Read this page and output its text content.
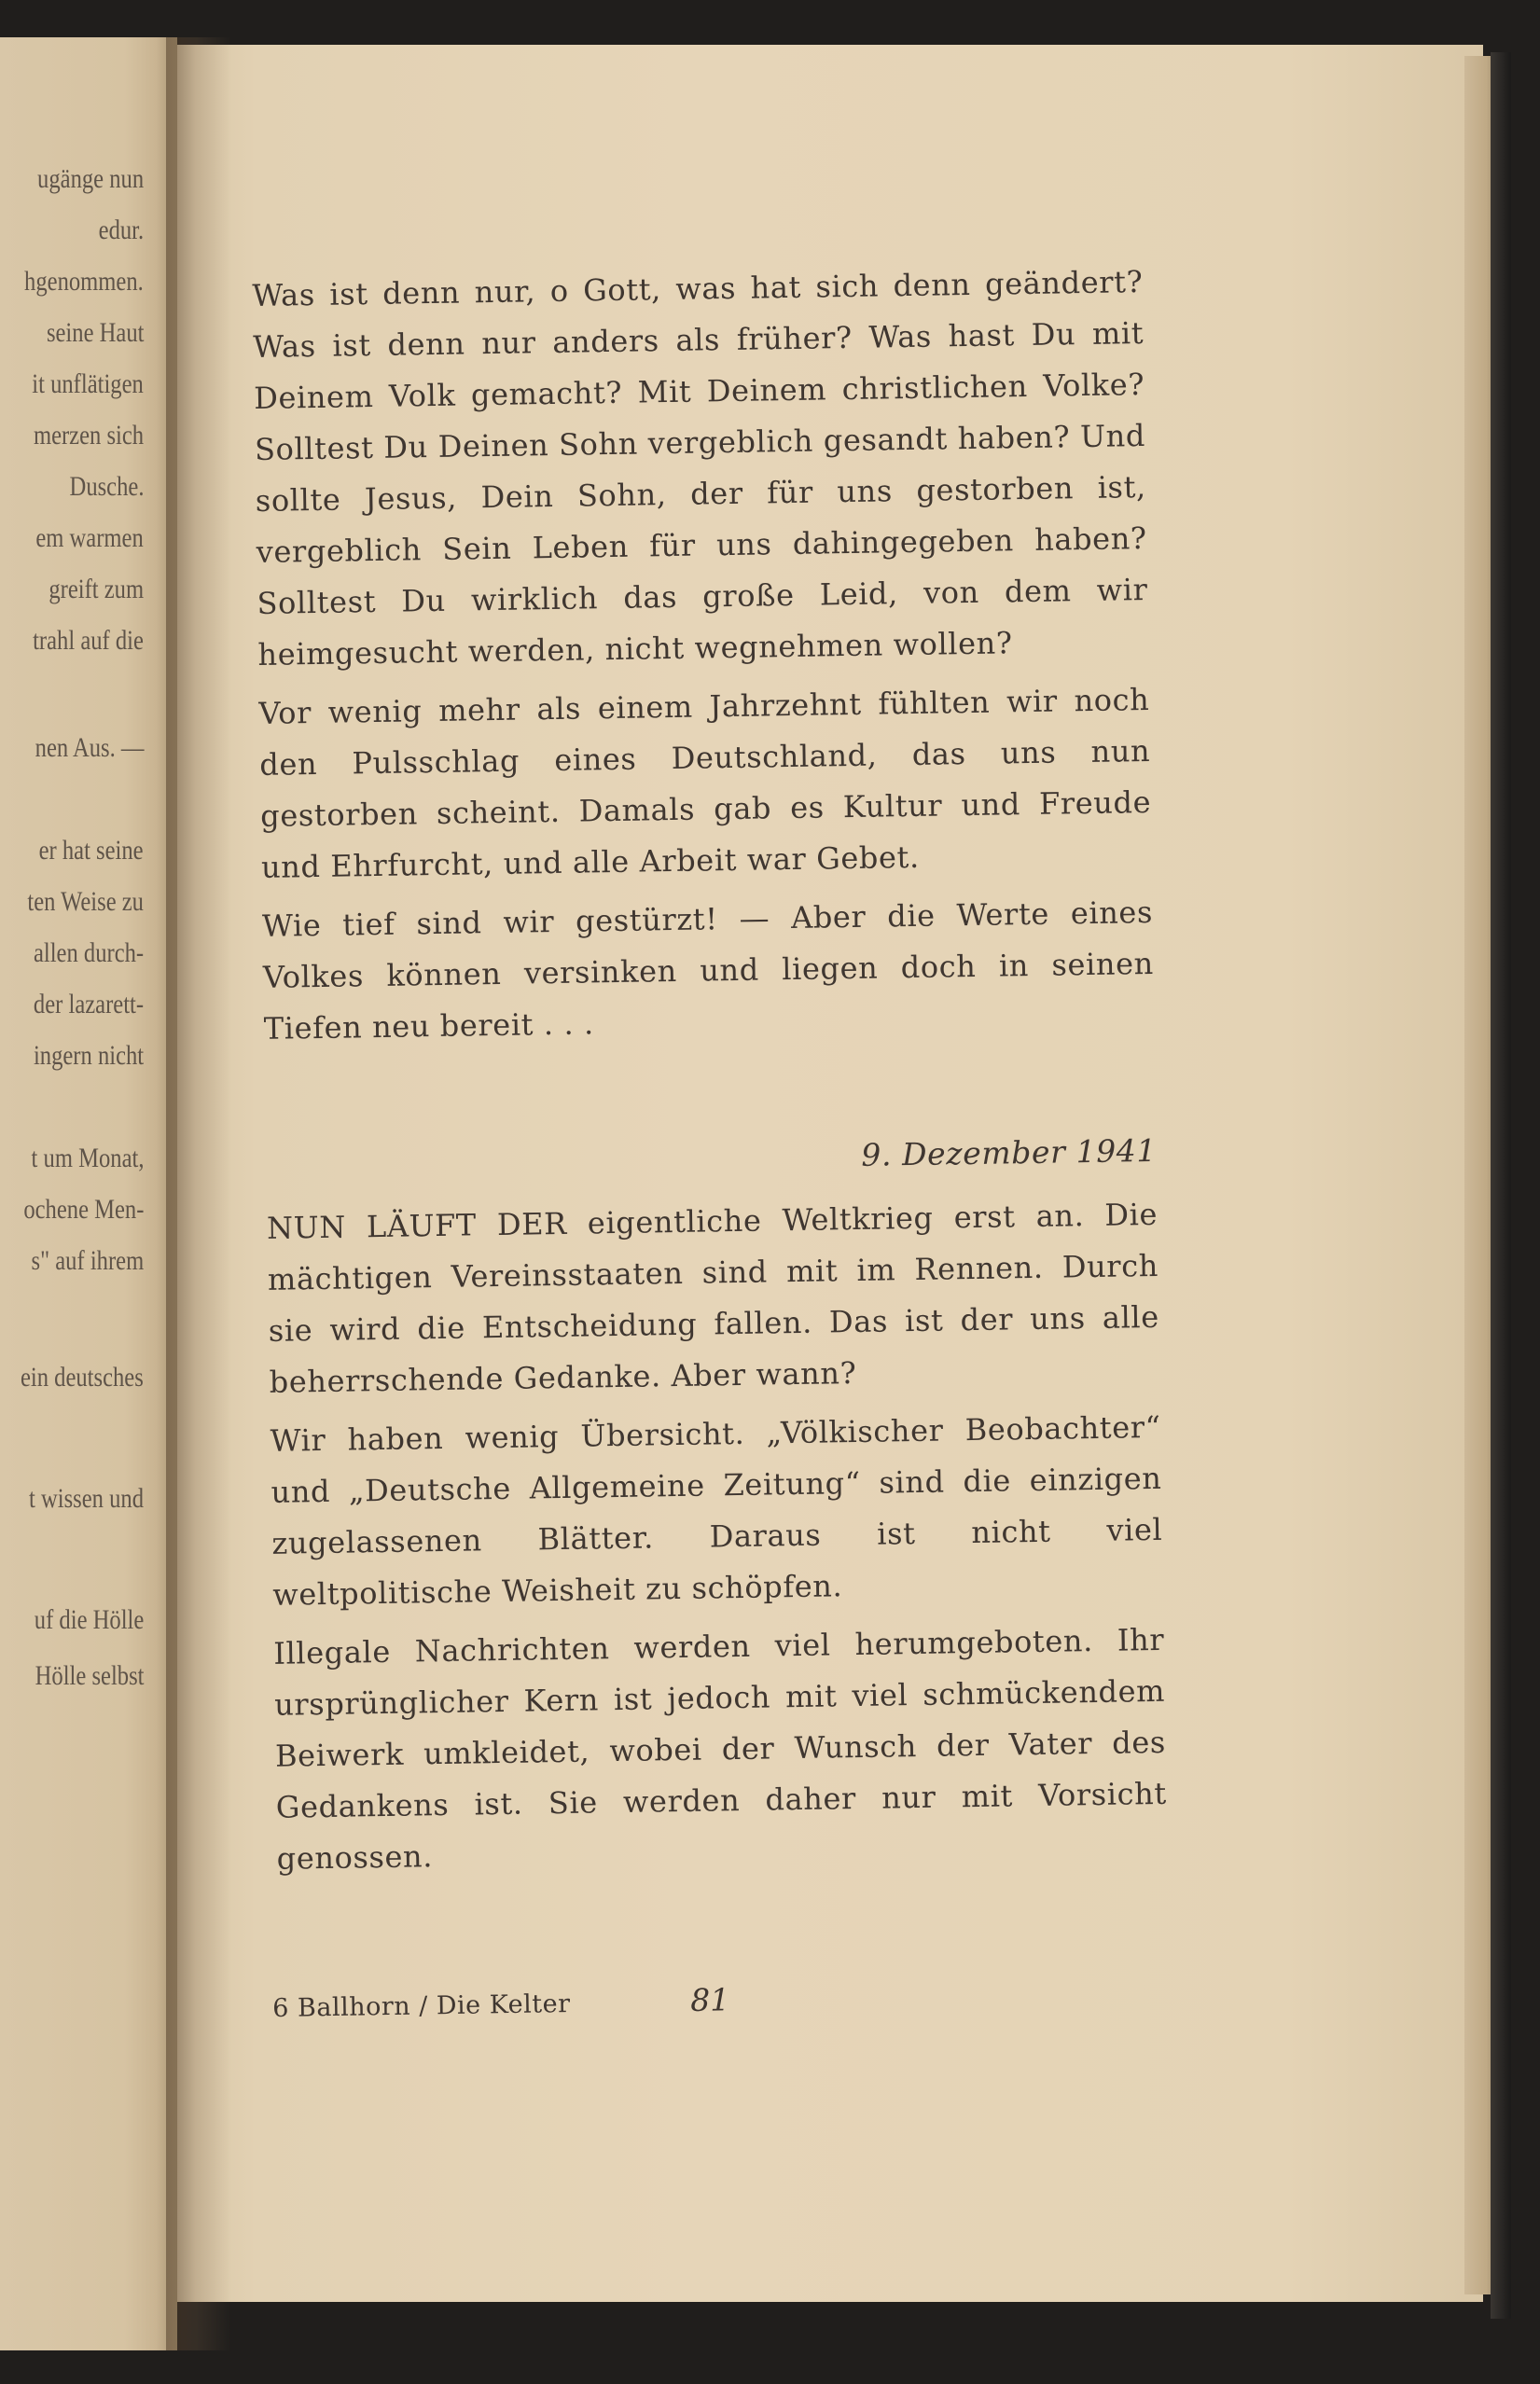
ugänge nun
edur.
hgenommen.
seine Haut
it unflätigen
merzen sich
Dusche.
em warmen
greift zum
trahl auf die
nen Aus. —
er hat seine
ten Weise zu
allen durch-
der lazarett-
ingern nicht
t um Monat,
ochene Men-
s" auf ihrem
ein deutsches
t wissen und
uf die Hölle
Hölle selbst

Was ist denn nur, o Gott, was hat sich denn geändert? Was ist denn nur anders als früher? Was hast Du mit Deinem Volk gemacht? Mit Deinem christlichen Volke? Solltest Du Deinen Sohn vergeblich gesandt haben? Und sollte Jesus, Dein Sohn, der für uns gestorben ist, vergeblich Sein Leben für uns dahingegeben haben? Solltest Du wirklich das große Leid, von dem wir heimgesucht werden, nicht wegnehmen wollen?

Vor wenig mehr als einem Jahrzehnt fühlten wir noch den Pulsschlag eines Deutschland, das uns nun gestorben scheint. Damals gab es Kultur und Freude und Ehrfurcht, und alle Arbeit war Gebet.

Wie tief sind wir gestürzt! — Aber die Werte eines Volkes können versinken und liegen doch in seinen Tiefen neu bereit . . .

9. Dezember 1941

NUN LÄUFT DER eigentliche Weltkrieg erst an. Die mächtigen Vereinsstaaten sind mit im Rennen. Durch sie wird die Entscheidung fallen. Das ist der uns alle beherrschende Gedanke. Aber wann?

Wir haben wenig Übersicht. „Völkischer Beobachter“ und „Deutsche Allgemeine Zeitung“ sind die einzigen zugelassenen Blätter. Daraus ist nicht viel weltpolitische Weisheit zu schöpfen.

Illegale Nachrichten werden viel herumgeboten. Ihr ursprünglicher Kern ist jedoch mit viel schmückendem Beiwerk umkleidet, wobei der Wunsch der Vater des Gedankens ist. Sie werden daher nur mit Vorsicht genossen.

6 Ballhorn / Die Kelter	81
